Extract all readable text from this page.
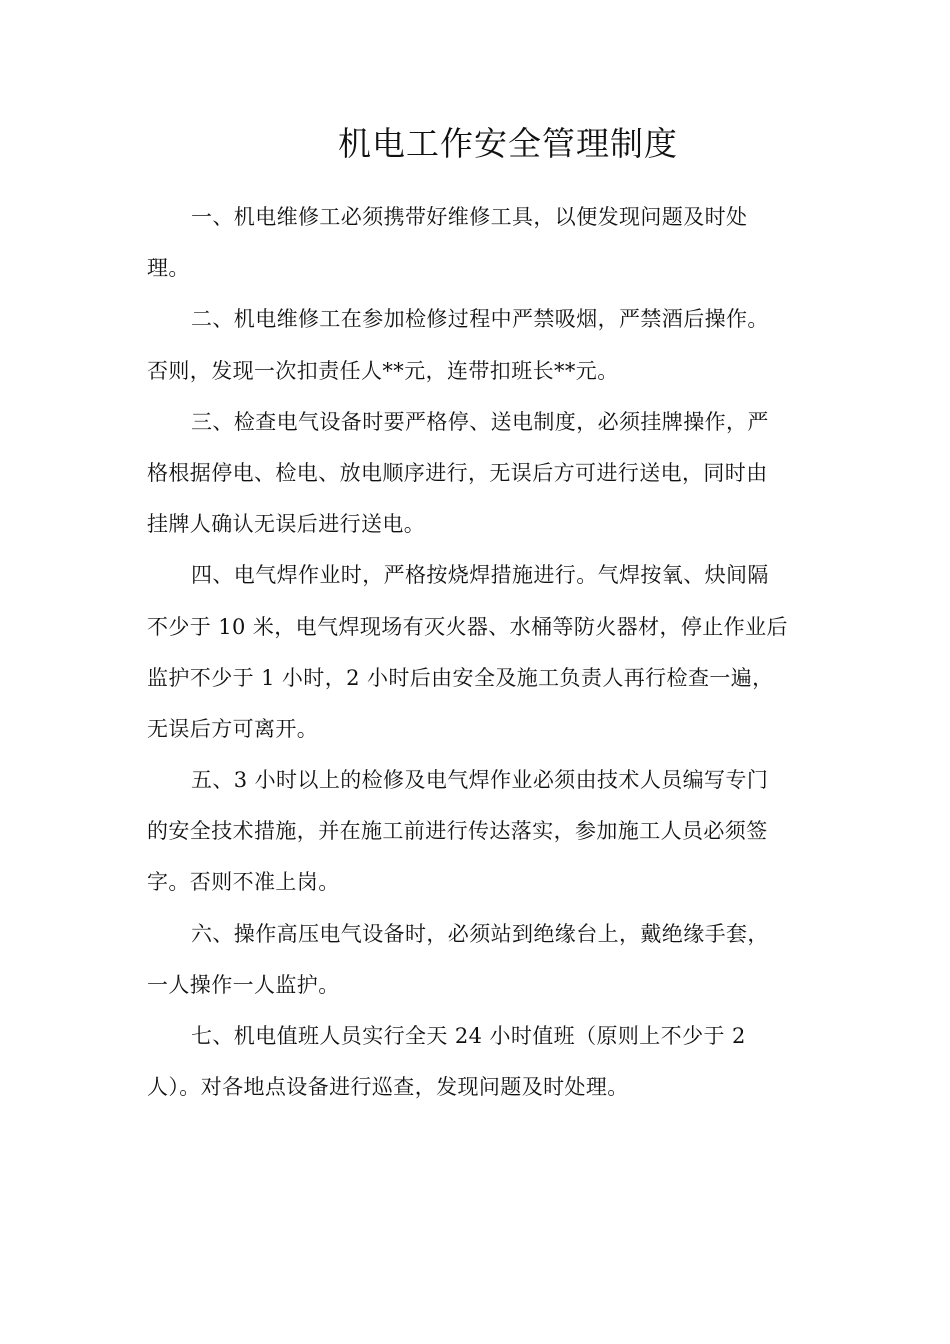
机电工作安全管理制度
一、机电维修工必须携带好维修工具，以便发现问题及时处
理。
二、机电维修工在参加检修过程中严禁吸烟，严禁酒后操作。
否则，发现一次扣责任人**元，连带扣班长**元。
三、检查电气设备时要严格停、送电制度，必须挂牌操作，严
格根据停电、检电、放电顺序进行，无误后方可进行送电，同时由
挂牌人确认无误后进行送电。
四、电气焊作业时，严格按烧焊措施进行。气焊按氧、炔间隔
不少于 10 米，电气焊现场有灭火器、水桶等防火器材，停止作业后
监护不少于 1 小时，2 小时后由安全及施工负责人再行检查一遍，
无误后方可离开。
五、3 小时以上的检修及电气焊作业必须由技术人员编写专门
的安全技术措施，并在施工前进行传达落实，参加施工人员必须签
字。否则不准上岗。
六、操作高压电气设备时，必须站到绝缘台上，戴绝缘手套，
一人操作一人监护。
七、机电值班人员实行全天 24 小时值班（原则上不少于 2
人）。对各地点设备进行巡查，发现问题及时处理。
